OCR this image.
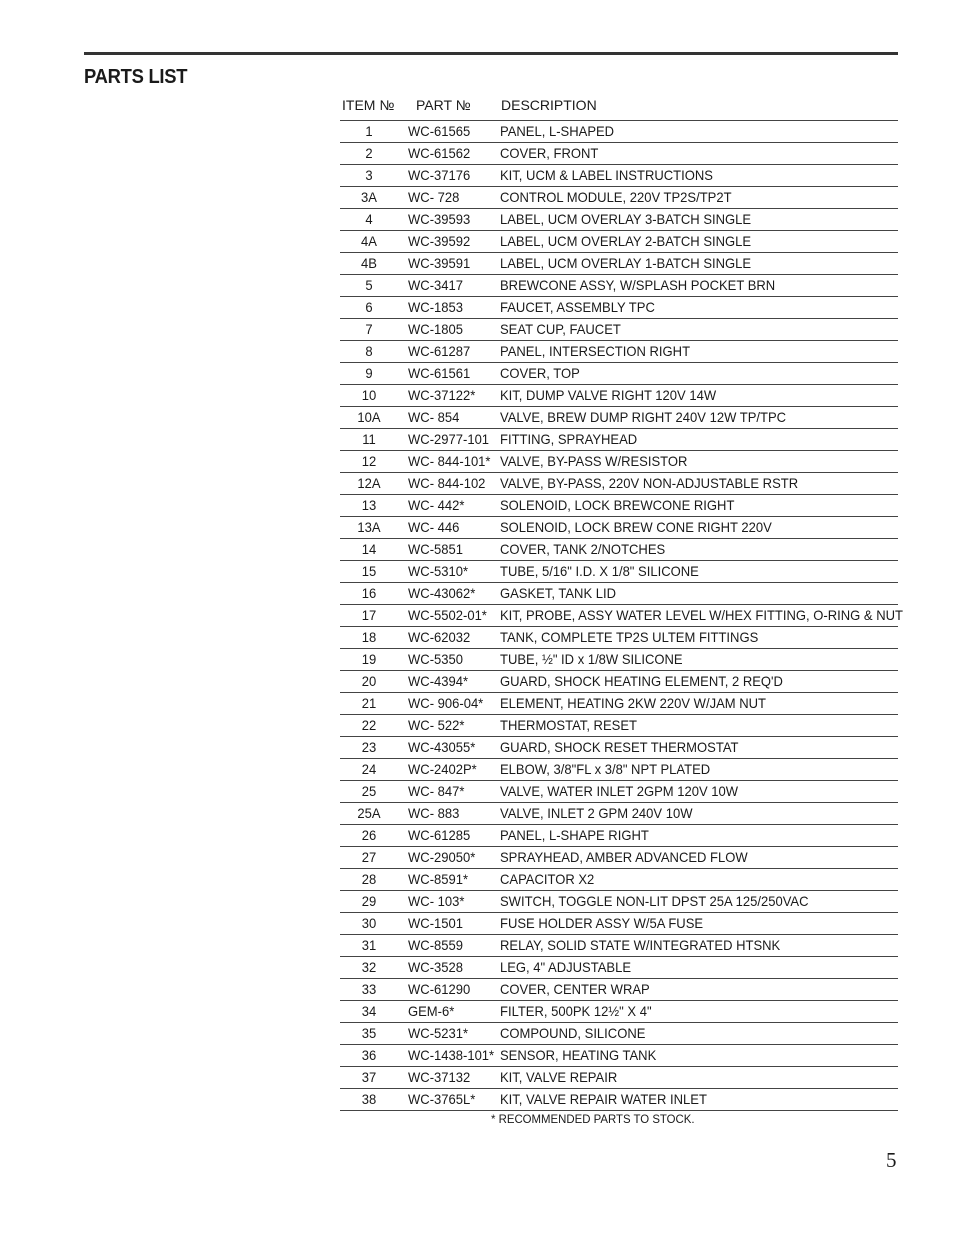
PARTS LIST
ITEM № PART № DESCRIPTION
1	WC-61565 PANEL, L-SHAPED
2	WC-61562 COVER, FRONT
3	WC-37176 KIT, UCM & LABEL INSTRUCTIONS
3A	WC- 728	CONTROL MODULE, 220V TP2S/TP2T
4	WC-39593 LABEL, UCM OVERLAY 3-BATCH SINGLE
4A	WC-39592 LABEL, UCM OVERLAY 2-BATCH SINGLE
4B	WC-39591 LABEL, UCM OVERLAY 1-BATCH SINGLE
5	WC-3417	BREWCONE ASSY, W/SPLASH POCKET BRN
6	WC-1853	FAUCET, ASSEMBLY TPC
7	WC-1805	SEAT CUP, FAUCET
8	WC-61287 PANEL, INTERSECTION RIGHT
9	WC-61561 COVER, TOP
10	WC-37122* KIT, DUMP VALVE RIGHT 120V 14W
10A	WC- 854	VALVE, BREW DUMP RIGHT 240V 12W TP/TPC
11	WC-2977-101 FITTING, SPRAYHEAD
12	WC- 844-101* VALVE, BY-PASS W/RESISTOR
12A	WC- 844-102 VALVE, BY-PASS, 220V NON-ADJUSTABLE RSTR
13	WC- 442*	SOLENOID, LOCK BREWCONE RIGHT
13A	WC- 446	SOLENOID, LOCK BREW CONE RIGHT 220V
14	WC-5851	COVER, TANK 2/NOTCHES
15	WC-5310* TUBE, 5/16" I.D. X 1/8" SILICONE
16	WC-43062* GASKET, TANK LID
17	WC-5502-01* KIT, PROBE, ASSY WATER LEVEL W/HEX FITTING, O-RING & NUT
18	WC-62032 TANK, COMPLETE TP2S ULTEM FITTINGS
19	WC-5350	TUBE, ½" ID x 1/8W SILICONE
20	WC-4394* GUARD, SHOCK HEATING ELEMENT, 2 REQ'D
21	WC- 906-04* ELEMENT, HEATING 2KW 220V W/JAM NUT
22	WC- 522*	THERMOSTAT, RESET
23	WC-43055* GUARD, SHOCK RESET THERMOSTAT
24	WC-2402P* ELBOW, 3/8"FL x 3/8" NPT PLATED
25	WC- 847*	VALVE, WATER INLET 2GPM 120V 10W
25A	WC- 883	VALVE, INLET 2 GPM 240V 10W
26	WC-61285 PANEL, L-SHAPE RIGHT
27	WC-29050* SPRAYHEAD, AMBER ADVANCED FLOW
28	WC-8591* CAPACITOR X2
29	WC- 103*	SWITCH, TOGGLE NON-LIT DPST 25A 125/250VAC
30	WC-1501	FUSE HOLDER ASSY W/5A FUSE
31	WC-8559	RELAY, SOLID STATE W/INTEGRATED HTSNK
32	WC-3528	LEG, 4" ADJUSTABLE
33	WC-61290 COVER, CENTER WRAP
34	GEM-6*	FILTER, 500PK 12½" X 4"
35	WC-5231* COMPOUND, SILICONE
36	WC-1438-101* SENSOR, HEATING TANK
37	WC-37132 KIT, VALVE REPAIR
38	WC-3765L* KIT, VALVE REPAIR WATER INLET
* RECOMMENDED PARTS TO STOCK.
5
